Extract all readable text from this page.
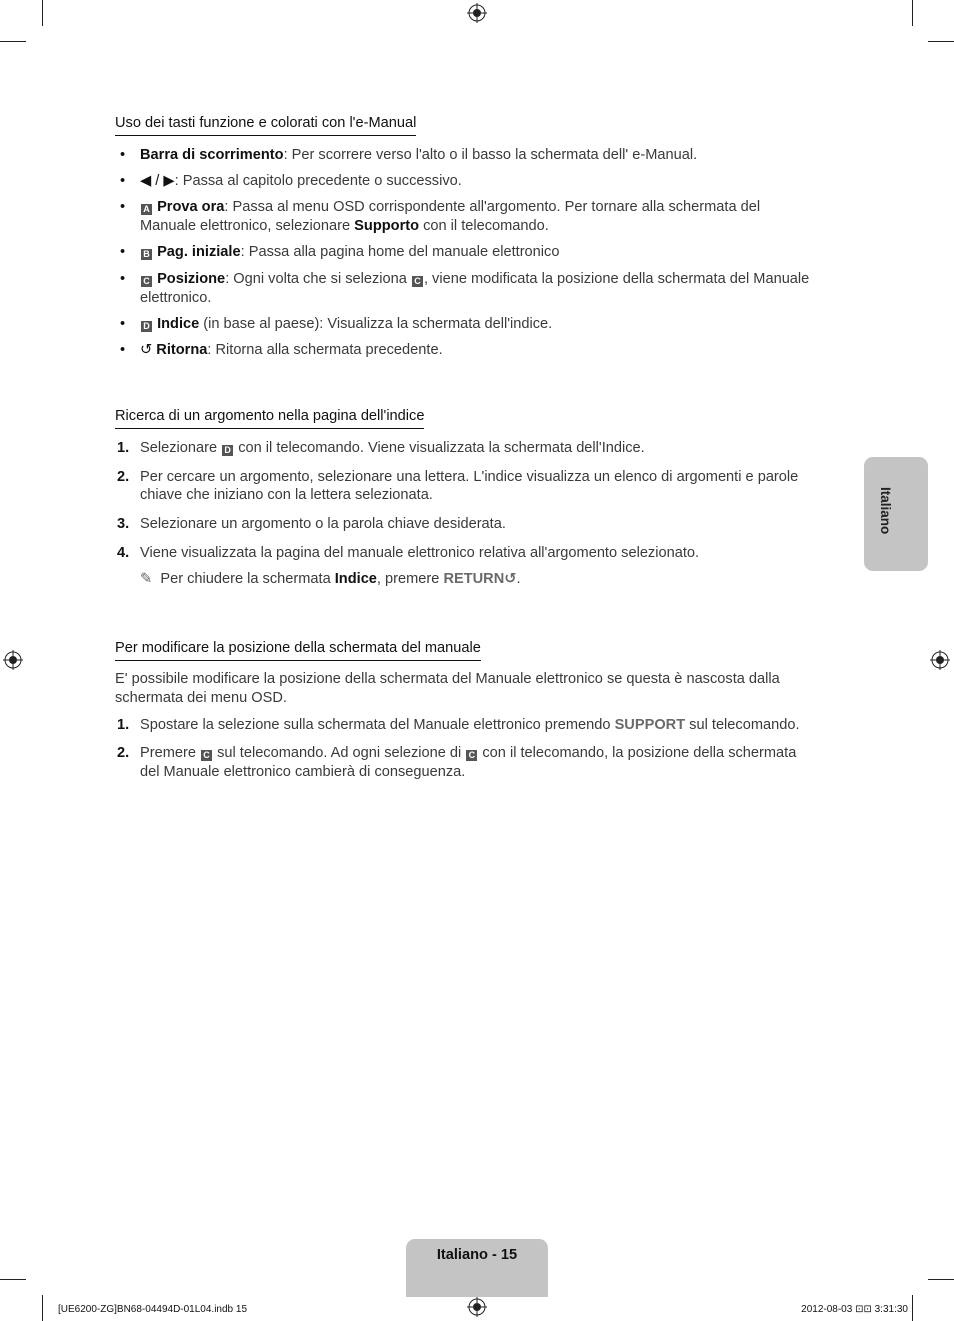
Uso dei tasti funzione e colorati con l'e-Manual
• Barra di scorrimento: Per scorrere verso l'alto o il basso la schermata dell' e-Manual.
• ◀ / ▶: Passa al capitolo precedente o successivo.
•	A Prova ora: Passa al menu OSD corrispondente all'argomento. Per tornare alla schermata del
Manuale elettronico, selezionare Supporto con il telecomando.
•	B Pag. iniziale: Passa alla pagina home del manuale elettronico
•	C Posizione: Ogni volta che si seleziona C , viene modificata la posizione della schermata del Manuale
elettronico.
•	D Indice (in base al paese): Visualizza la schermata dell'indice.
• ↺ Ritorna: Ritorna alla schermata precedente.
Ricerca di un argomento nella pagina dell'indice
1. Selezionare D con il telecomando. Viene visualizzata la schermata dell'Indice.
2. Per cercare un argomento, selezionare una lettera. L'indice visualizza un elenco di argomenti e parole
chiave che iniziano con la lettera selezionata.
3. Selezionare un argomento o la parola chiave desiderata.
4. Viene visualizzata la pagina del manuale elettronico relativa all'argomento selezionato.
✎ Per chiudere la schermata Indice, premere RETURN↺.
Per modificare la posizione della schermata del manuale
E' possibile modificare la posizione della schermata del Manuale elettronico se questa è nascosta dalla
schermata dei menu OSD.
1. Spostare la selezione sulla schermata del Manuale elettronico premendo SUPPORT sul telecomando.
2. Premere C sul telecomando. Ad ogni selezione di C con il telecomando, la posizione della schermata
del Manuale elettronico cambierà di conseguenza.
Italiano
Italiano - 15
[UE6200-ZG]BN68-04494D-01L04.indb 15	2012-08-03 ⊡⊡ 3:31:30
